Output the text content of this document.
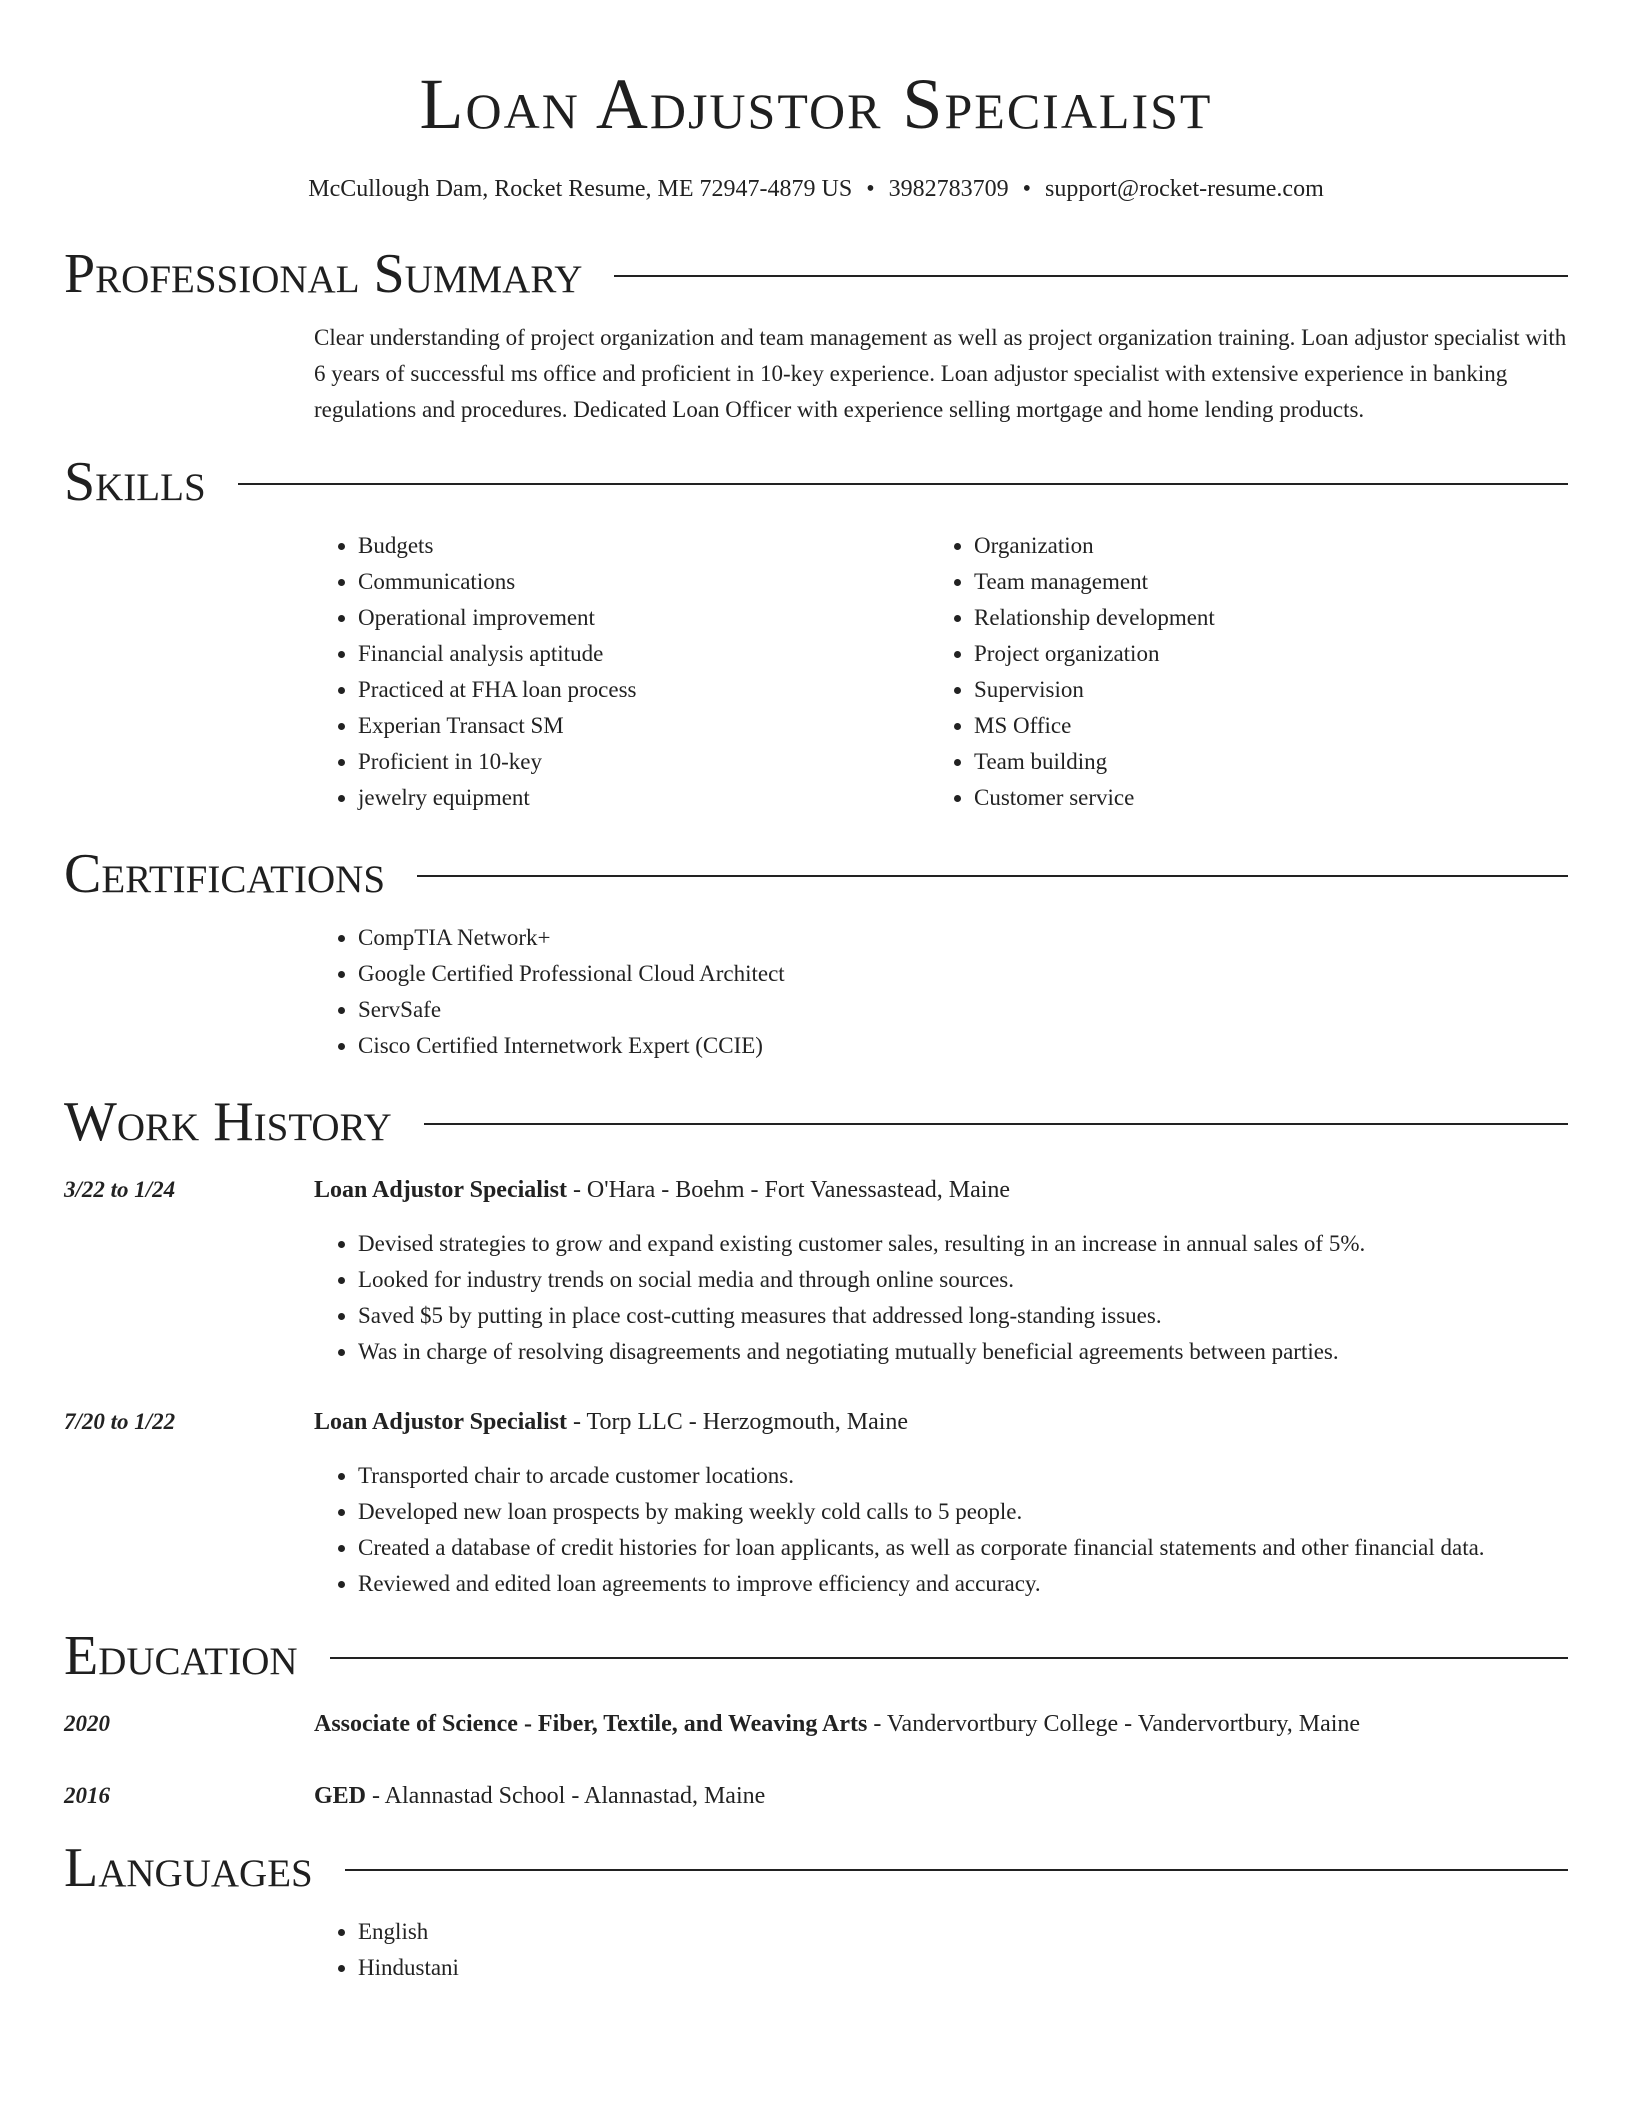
Loan Adjustor Specialist
McCullough Dam, Rocket Resume, ME 72947-4879 US • 3982783709 • support@rocket-resume.com
Professional Summary
Clear understanding of project organization and team management as well as project organization training. Loan adjustor specialist with 6 years of successful ms office and proficient in 10-key experience. Loan adjustor specialist with extensive experience in banking regulations and procedures. Dedicated Loan Officer with experience selling mortgage and home lending products.
Skills
• Budgets
• Communications
• Operational improvement
• Financial analysis aptitude
• Practiced at FHA loan process
• Experian Transact SM
• Proficient in 10-key
• jewelry equipment
• Organization
• Team management
• Relationship development
• Project organization
• Supervision
• MS Office
• Team building
• Customer service
Certifications
• CompTIA Network+
• Google Certified Professional Cloud Architect
• ServSafe
• Cisco Certified Internetwork Expert (CCIE)
Work History
3/22 to 1/24	Loan Adjustor Specialist - O'Hara - Boehm - Fort Vanessastead, Maine
• Devised strategies to grow and expand existing customer sales, resulting in an increase in annual sales of 5%.
• Looked for industry trends on social media and through online sources.
• Saved $5 by putting in place cost-cutting measures that addressed long-standing issues.
• Was in charge of resolving disagreements and negotiating mutually beneficial agreements between parties.
7/20 to 1/22	Loan Adjustor Specialist - Torp LLC - Herzogmouth, Maine
• Transported chair to arcade customer locations.
• Developed new loan prospects by making weekly cold calls to 5 people.
• Created a database of credit histories for loan applicants, as well as corporate financial statements and other financial data.
• Reviewed and edited loan agreements to improve efficiency and accuracy.
Education
2020	Associate of Science - Fiber, Textile, and Weaving Arts - Vandervortbury College - Vandervortbury, Maine
2016	GED - Alannastad School - Alannastad, Maine
Languages
• English
• Hindustani
